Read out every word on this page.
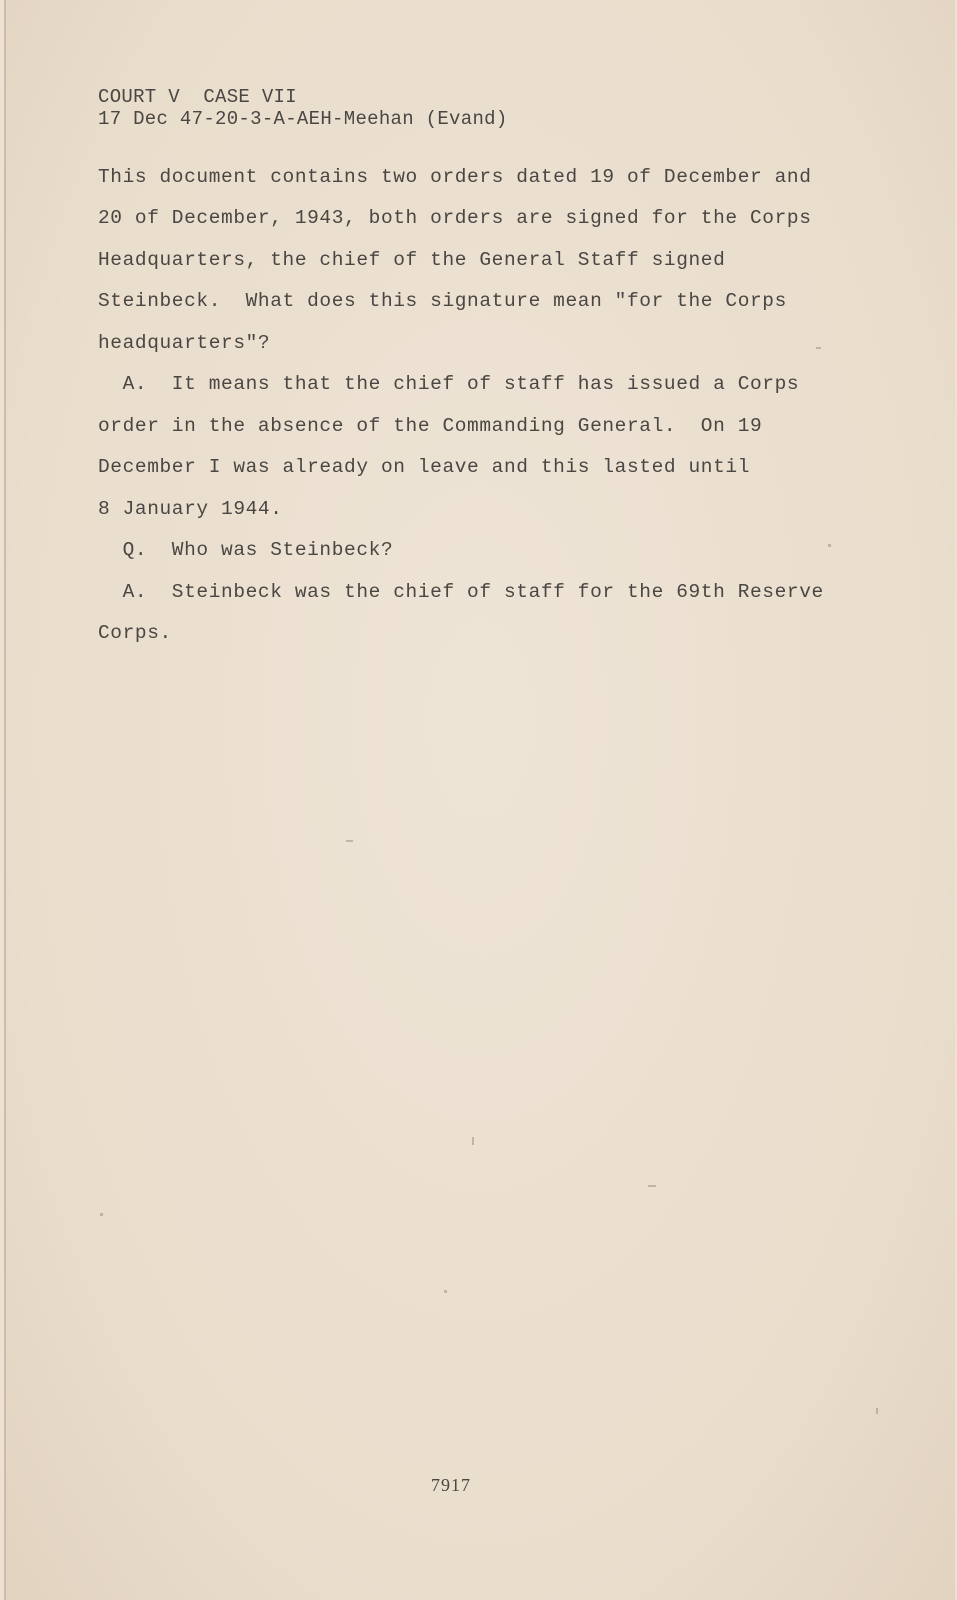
COURT V  CASE VII
17 Dec 47-20-3-A-AEH-Meehan (Evand)
This document contains two orders dated 19 of December and
20 of December, 1943, both orders are signed for the Corps
Headquarters, the chief of the General Staff signed
Steinbeck.  What does this signature mean "for the Corps
headquarters"?
A.  It means that the chief of staff has issued a Corps
order in the absence of the Commanding General.  On 19
December I was already on leave and this lasted until
8 January 1944.
Q.  Who was Steinbeck?
A.  Steinbeck was the chief of staff for the 69th Reserve
Corps.
7917
